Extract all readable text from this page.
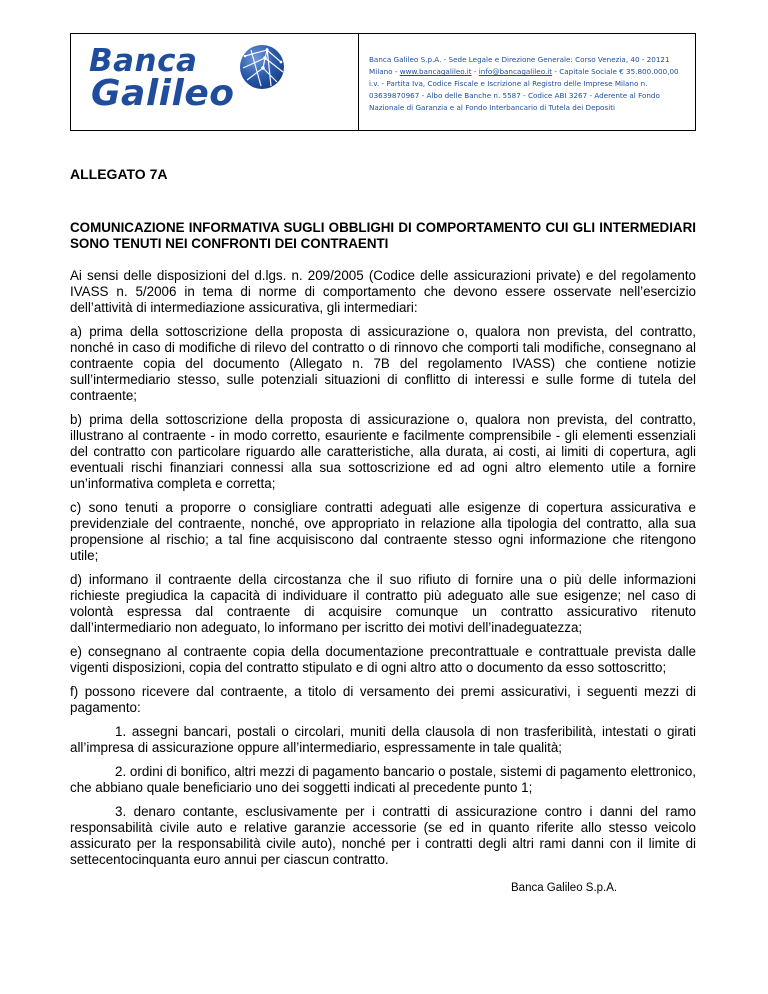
Banca
Galileo

Banca Galileo S.p.A. - Sede Legale e Direzione Generale: Corso Venezia, 40 - 20121 Milano - www.bancagalileo.it - info@bancagalileo.it - Capitale Sociale € 35.800.000,00 i.v. - Partita Iva, Codice Fiscale e Iscrizione al Registro delle Imprese Milano n. 03639870967 - Albo delle Banche n. 5587 - Codice ABI 3267 - Aderente al Fondo Nazionale di Garanzia e al Fondo Interbancario di Tutela dei Depositi

ALLEGATO 7A

COMUNICAZIONE INFORMATIVA SUGLI OBBLIGHI DI COMPORTAMENTO CUI GLI INTERMEDIARI SONO TENUTI NEI CONFRONTI DEI CONTRAENTI

Ai sensi delle disposizioni del d.lgs. n. 209/2005 (Codice delle assicurazioni private) e del regolamento IVASS n. 5/2006 in tema di norme di comportamento che devono essere osservate nell’esercizio dell’attività di intermediazione assicurativa, gli intermediari:

a) prima della sottoscrizione della proposta di assicurazione o, qualora non prevista, del contratto, nonché in caso di modifiche di rilevo del contratto o di rinnovo che comporti tali modifiche, consegnano al contraente copia del documento (Allegato n. 7B del regolamento IVASS) che contiene notizie sull’intermediario stesso, sulle potenziali situazioni di conflitto di interessi e sulle forme di tutela del contraente;

b) prima della sottoscrizione della proposta di assicurazione o, qualora non prevista, del contratto, illustrano al contraente - in modo corretto, esauriente e facilmente comprensibile - gli elementi essenziali del contratto con particolare riguardo alle caratteristiche, alla durata, ai costi, ai limiti di copertura, agli eventuali rischi finanziari connessi alla sua sottoscrizione ed ad ogni altro elemento utile a fornire un’informativa completa e corretta;

c) sono tenuti a proporre o consigliare contratti adeguati alle esigenze di copertura assicurativa e previdenziale del contraente, nonché, ove appropriato in relazione alla tipologia del contratto, alla sua propensione al rischio; a tal fine acquisiscono dal contraente stesso ogni informazione che ritengono utile;

d) informano il contraente della circostanza che il suo rifiuto di fornire una o più delle informazioni richieste pregiudica la capacità di individuare il contratto più adeguato alle sue esigenze; nel caso di volontà espressa dal contraente di acquisire comunque un contratto assicurativo ritenuto dall’intermediario non adeguato, lo informano per iscritto dei motivi dell’inadeguatezza;

e) consegnano al contraente copia della documentazione precontrattuale e contrattuale prevista dalle vigenti disposizioni, copia del contratto stipulato e di ogni altro atto o documento da esso sottoscritto;

f) possono ricevere dal contraente, a titolo di versamento dei premi assicurativi, i seguenti mezzi di pagamento:

1. assegni bancari, postali o circolari, muniti della clausola di non trasferibilità, intestati o girati all’impresa di assicurazione oppure all’intermediario, espressamente in tale qualità;

2. ordini di bonifico, altri mezzi di pagamento bancario o postale, sistemi di pagamento elettronico, che abbiano quale beneficiario uno dei soggetti indicati al precedente punto 1;

3. denaro contante, esclusivamente per i contratti di assicurazione contro i danni del ramo responsabilità civile auto e relative garanzie accessorie (se ed in quanto riferite allo stesso veicolo assicurato per la responsabilità civile auto), nonché per i contratti degli altri rami danni con il limite di settecentocinquanta euro annui per ciascun contratto.

Banca Galileo S.p.A.
